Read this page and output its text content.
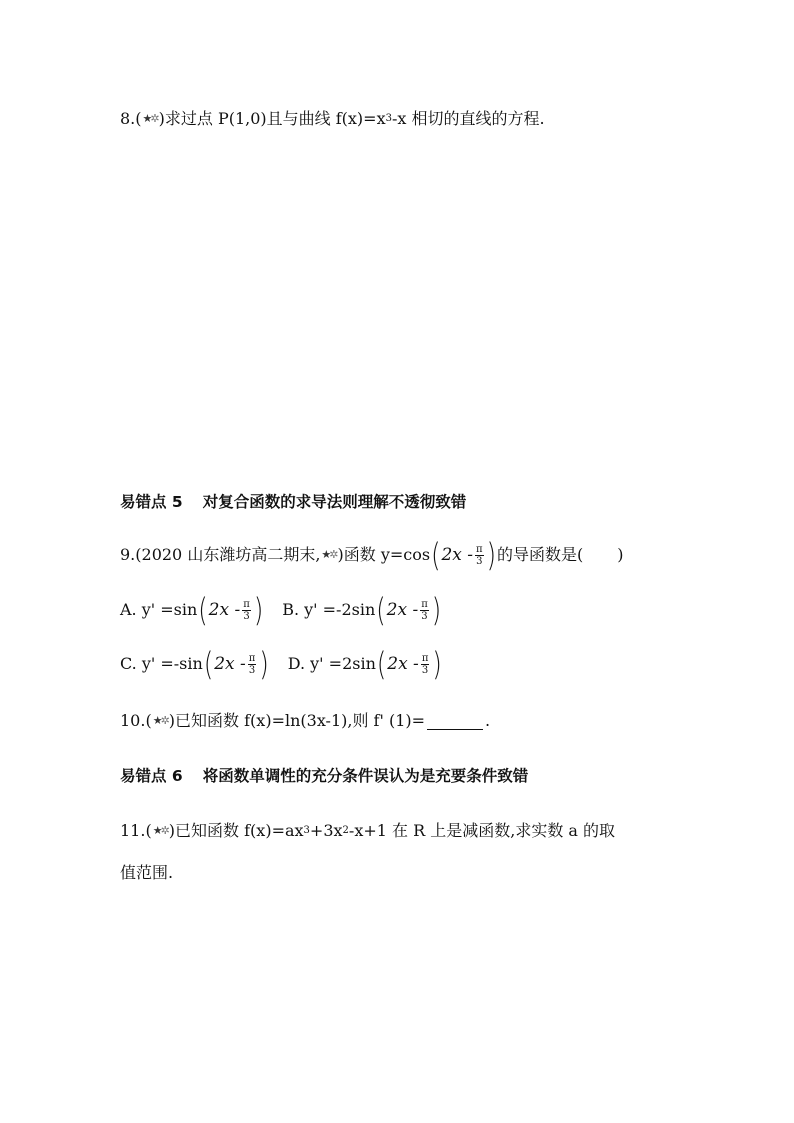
8. ( ★ ✲ ) 求过点 P(1,0)且与曲线 f(x)=x 3 -x 相切的直线的方程.
易错点 5 对复合函数的求导法则理解不透彻致错
9. (2020 山东潍坊高二期末, ★ ✲ ) 函数 y=cos ( $2x - \frac{\pi}{3}$ ) 的导函数是( )
A. y' =sin ( $2x - \frac{\pi}{3}$ ) B. y' =-2sin ( $2x - \frac{\pi}{3}$ )
C. y' =-sin ( $2x - \frac{\pi}{3}$ ) D. y' =2sin ( $2x - \frac{\pi}{3}$ )
10. ( ★ ✲ ) 已知函数 f(x)=ln(3x-1),则 f' (1)=	.
易错点 6 将函数单调性的充分条件误认为是充要条件致错
11. ( ★ ✲ ) 已知函数 f(x)=ax 3 +3x 2 -x+1 在 R 上是减函数,求实数 a 的取
值范围.
